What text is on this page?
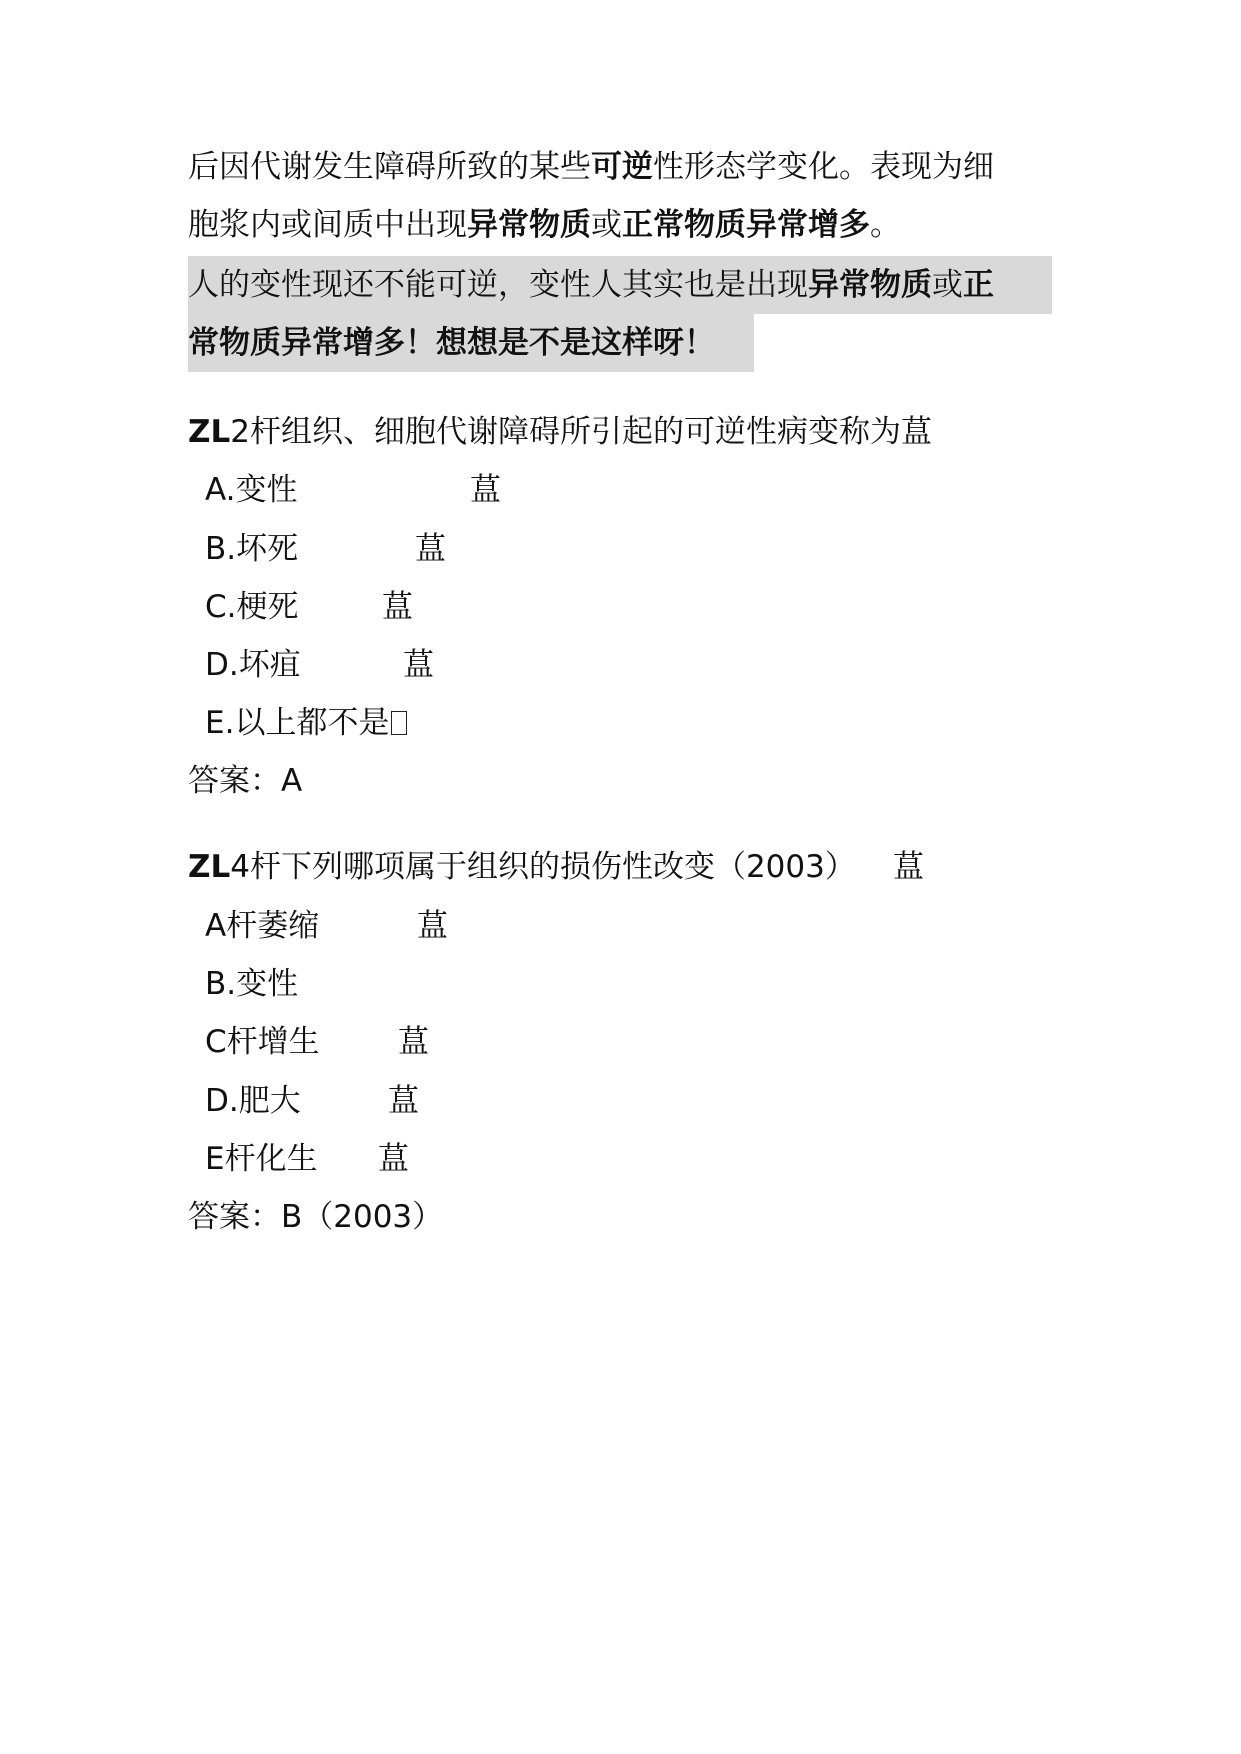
后因代谢发生障碍所致的某些可逆性形态学变化。表现为细
胞浆内或间质中出现异常物质或正常物质异常增多。
人的变性现还不能可逆，变性人其实也是出现异常物质或正
常物质异常增多！想想是不是这样呀！
ZL2杆组织、细胞代谢障碍所引起的可逆性病变称为蒀
A.变性	蒀
B.坏死	蒀
C.梗死	蒀
D.坏疽	蒀
E.以上都不是
答案：A
ZL4杆下列哪项属于组织的损伤性改变（2003） 蒀
A杆萎缩	蒀
B.变性
C杆增生	蒀
D.肥大	蒀
E杆化生 蒀
答案：B（2003）
